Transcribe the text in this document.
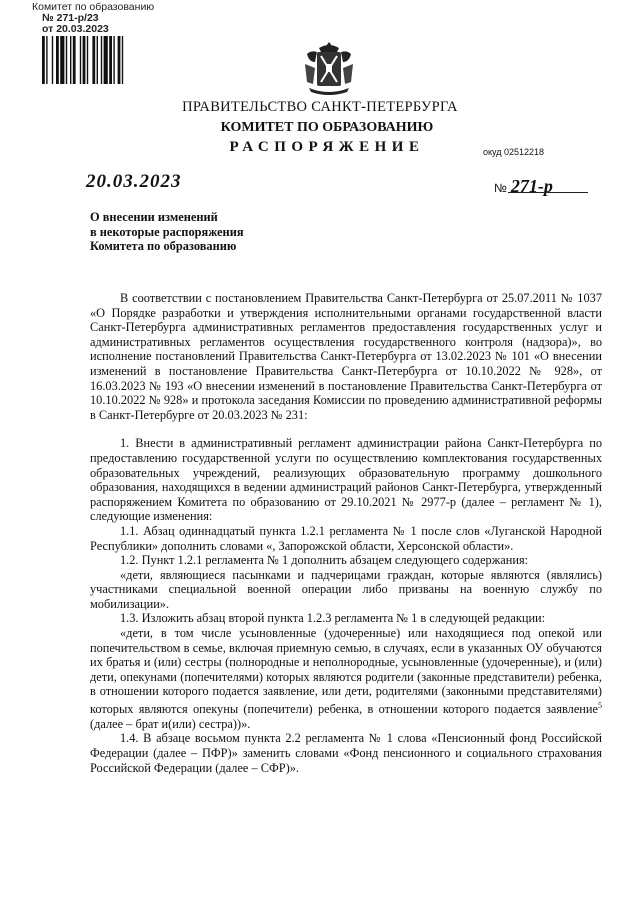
Комитет по образованию
№ 271-р/23
от 20.03.2023
ПРАВИТЕЛЬСТВО САНКТ-ПЕТЕРБУРГА
КОМИТЕТ ПО ОБРАЗОВАНИЮ
РАСПОРЯЖЕНИЕ	окуд 02512218
20.03.2023	№ 271-р
О внесении изменений
в некоторые распоряжения
Комитета по образованию

В соответствии с постановлением Правительства Санкт-Петербурга от 25.07.2011 № 1037 «О Порядке разработки и утверждения исполнительными органами государственной власти Санкт-Петербурга административных регламентов предоставления государственных услуг и административных регламентов осуществления государственного контроля (надзора)», во исполнение постановлений Правительства Санкт-Петербурга от 13.02.2023 № 101 «О внесении изменений в постановление Правительства Санкт-Петербурга от 10.10.2022 № 928», от 16.03.2023 № 193 «О внесении изменений в постановление Правительства Санкт-Петербурга от 10.10.2022 № 928» и протокола заседания Комиссии по проведению административной реформы в Санкт-Петербурге от 20.03.2023 № 231:

1. Внести в административный регламент администрации района Санкт-Петербурга по предоставлению государственной услуги по осуществлению комплектования государственных образовательных учреждений, реализующих образовательную программу дошкольного образования, находящихся в ведении администраций районов Санкт-Петербурга, утвержденный распоряжением Комитета по образованию от 29.10.2021 № 2977-р (далее – регламент № 1), следующие изменения:

1.1. Абзац одиннадцатый пункта 1.2.1 регламента № 1 после слов «Луганской Народной Республики» дополнить словами «, Запорожской области, Херсонской области».

1.2. Пункт 1.2.1 регламента № 1 дополнить абзацем следующего содержания:

«дети, являющиеся пасынками и падчерицами граждан, которые являются (являлись) участниками специальной военной операции либо призваны на военную службу по мобилизации».

1.3. Изложить абзац второй пункта 1.2.3 регламента № 1 в следующей редакции:

«дети, в том числе усыновленные (удочеренные) или находящиеся под опекой или попечительством в семье, включая приемную семью, в случаях, если в указанных ОУ обучаются их братья и (или) сестры (полнородные и неполнородные, усыновленные (удочеренные), и (или) дети, опекунами (попечителями) которых являются родители (законные представители) ребенка, в отношении которого подается заявление, или дети, родителями (законными представителями) которых являются опекуны (попечители) ребенка, в отношении которого подается заявление$^5$ (далее – брат и(или) сестра))».

1.4. В абзаце восьмом пункта 2.2 регламента № 1 слова «Пенсионный фонд Российской Федерации (далее – ПФР)» заменить словами «Фонд пенсионного и социального страхования Российской Федерации (далее – СФР)».
